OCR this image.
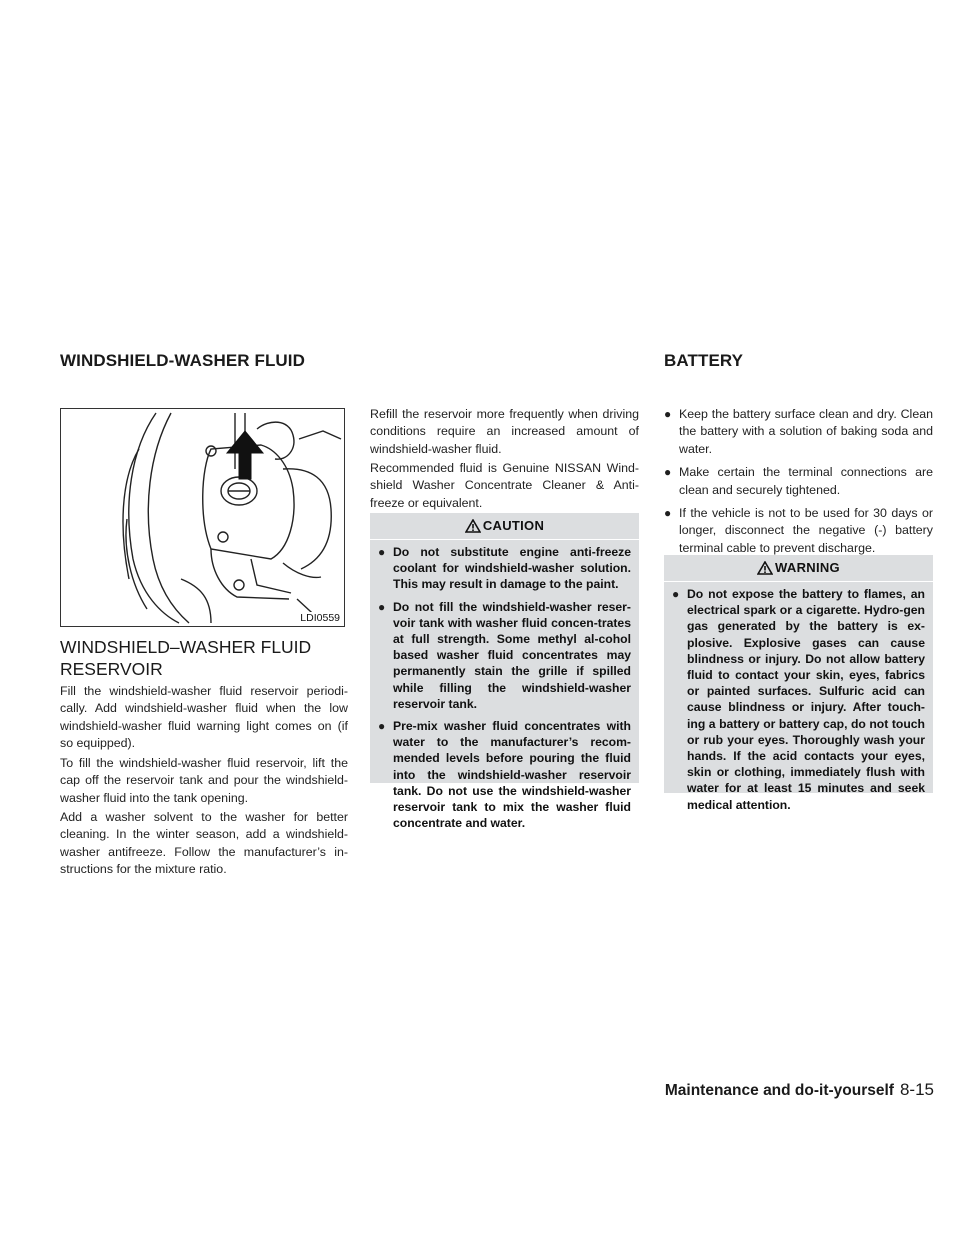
WINDSHIELD-WASHER FLUID	BATTERY
LDI0559
WINDSHIELD–WASHER FLUID RESERVOIR

Fill the windshield-washer fluid reservoir periodi-cally. Add windshield-washer fluid when the low windshield-washer fluid warning light comes on (if so equipped).

To fill the windshield-washer fluid reservoir, lift the cap off the reservoir tank and pour the windshield-washer fluid into the tank opening.

Add a washer solvent to the washer for better cleaning. In the winter season, add a windshield-washer antifreeze. Follow the manufacturer’s in-structions for the mixture ratio.

Refill the reservoir more frequently when driving conditions require an increased amount of windshield-washer fluid.

Recommended fluid is Genuine NISSAN Wind-shield Washer Concentrate Cleaner & Anti-freeze or equivalent.

CAUTION
● Do not substitute engine anti-freeze coolant for windshield-washer solution. This may result in damage to the paint.
● Do not fill the windshield-washer reser-voir tank with washer fluid concen-trates at full strength. Some methyl al-cohol based washer fluid concentrates may permanently stain the grille if spilled while filling the windshield-washer reservoir tank.
● Pre-mix washer fluid concentrates with water to the manufacturer’s recom-mended levels before pouring the fluid into the windshield-washer reservoir tank. Do not use the windshield-washer reservoir tank to mix the washer fluid concentrate and water.
● Keep the battery surface clean and dry. Clean the battery with a solution of baking soda and water.
● Make certain the terminal connections are clean and securely tightened.
● If the vehicle is not to be used for 30 days or longer, disconnect the negative (-) battery terminal cable to prevent discharge.
WARNING
● Do not expose the battery to flames, an electrical spark or a cigarette. Hydro-gen gas generated by the battery is ex-plosive. Explosive gases can cause blindness or injury. Do not allow battery fluid to contact your skin, eyes, fabrics or painted surfaces. Sulfuric acid can cause blindness or injury. After touch-ing a battery or battery cap, do not touch or rub your eyes. Thoroughly wash your hands. If the acid contacts your eyes, skin or clothing, immediately flush with water for at least 15 minutes and seek medical attention.
Maintenance and do-it-yourself 8-15
